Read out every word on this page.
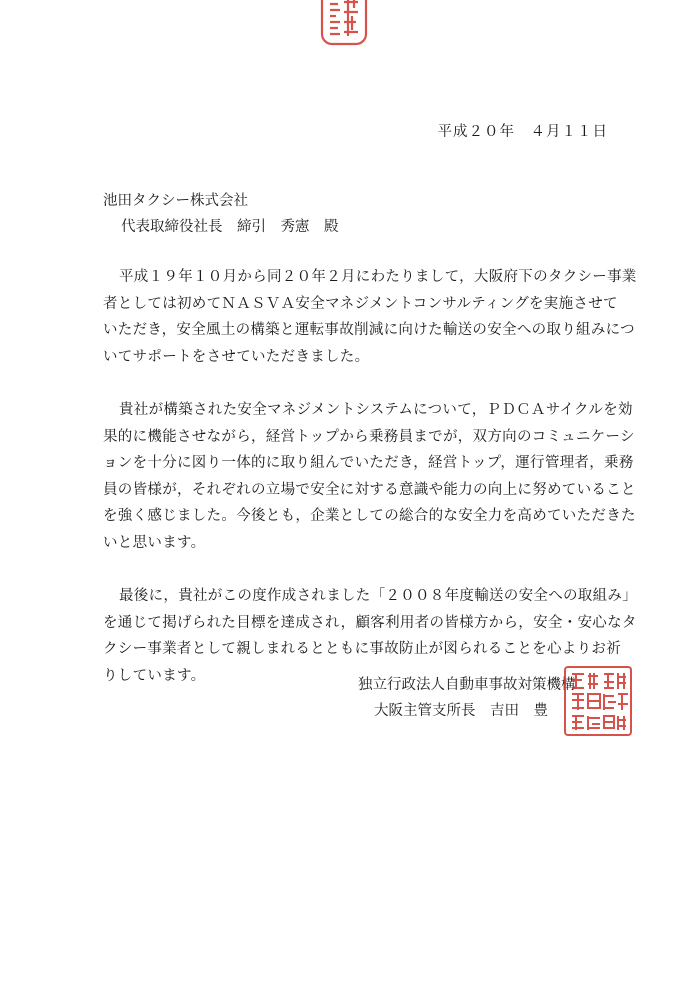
平成２０年　４月１１日
池田タクシー株式会社
代表取締役社長　締引　秀憲　殿

平成１９年１０月から同２０年２月にわたりまして，大阪府下のタクシー事業
者としては初めてＮＡＳＶＡ安全マネジメントコンサルティングを実施させて
いただき，安全風土の構築と運転事故削減に向けた輸送の安全への取り組みにつ
いてサポートをさせていただきました。

貴社が構築された安全マネジメントシステムについて，ＰＤＣＡサイクルを効
果的に機能させながら，経営トップから乗務員までが，双方向のコミュニケーシ
ョンを十分に図り一体的に取り組んでいただき，経営トップ，運行管理者，乗務
員の皆様が，それぞれの立場で安全に対する意識や能力の向上に努めていること
を強く感じました。今後とも，企業としての総合的な安全力を高めていただきた
いと思います。

最後に，貴社がこの度作成されました「２００８年度輸送の安全への取組み」
を通じて掲げられた目標を達成され，顧客利用者の皆様方から，安全・安心なタ
クシー事業者として親しまれるとともに事故防止が図られることを心よりお祈
りしています。

独立行政法人自動車事故対策機構
大阪主管支所長　吉田　豊
